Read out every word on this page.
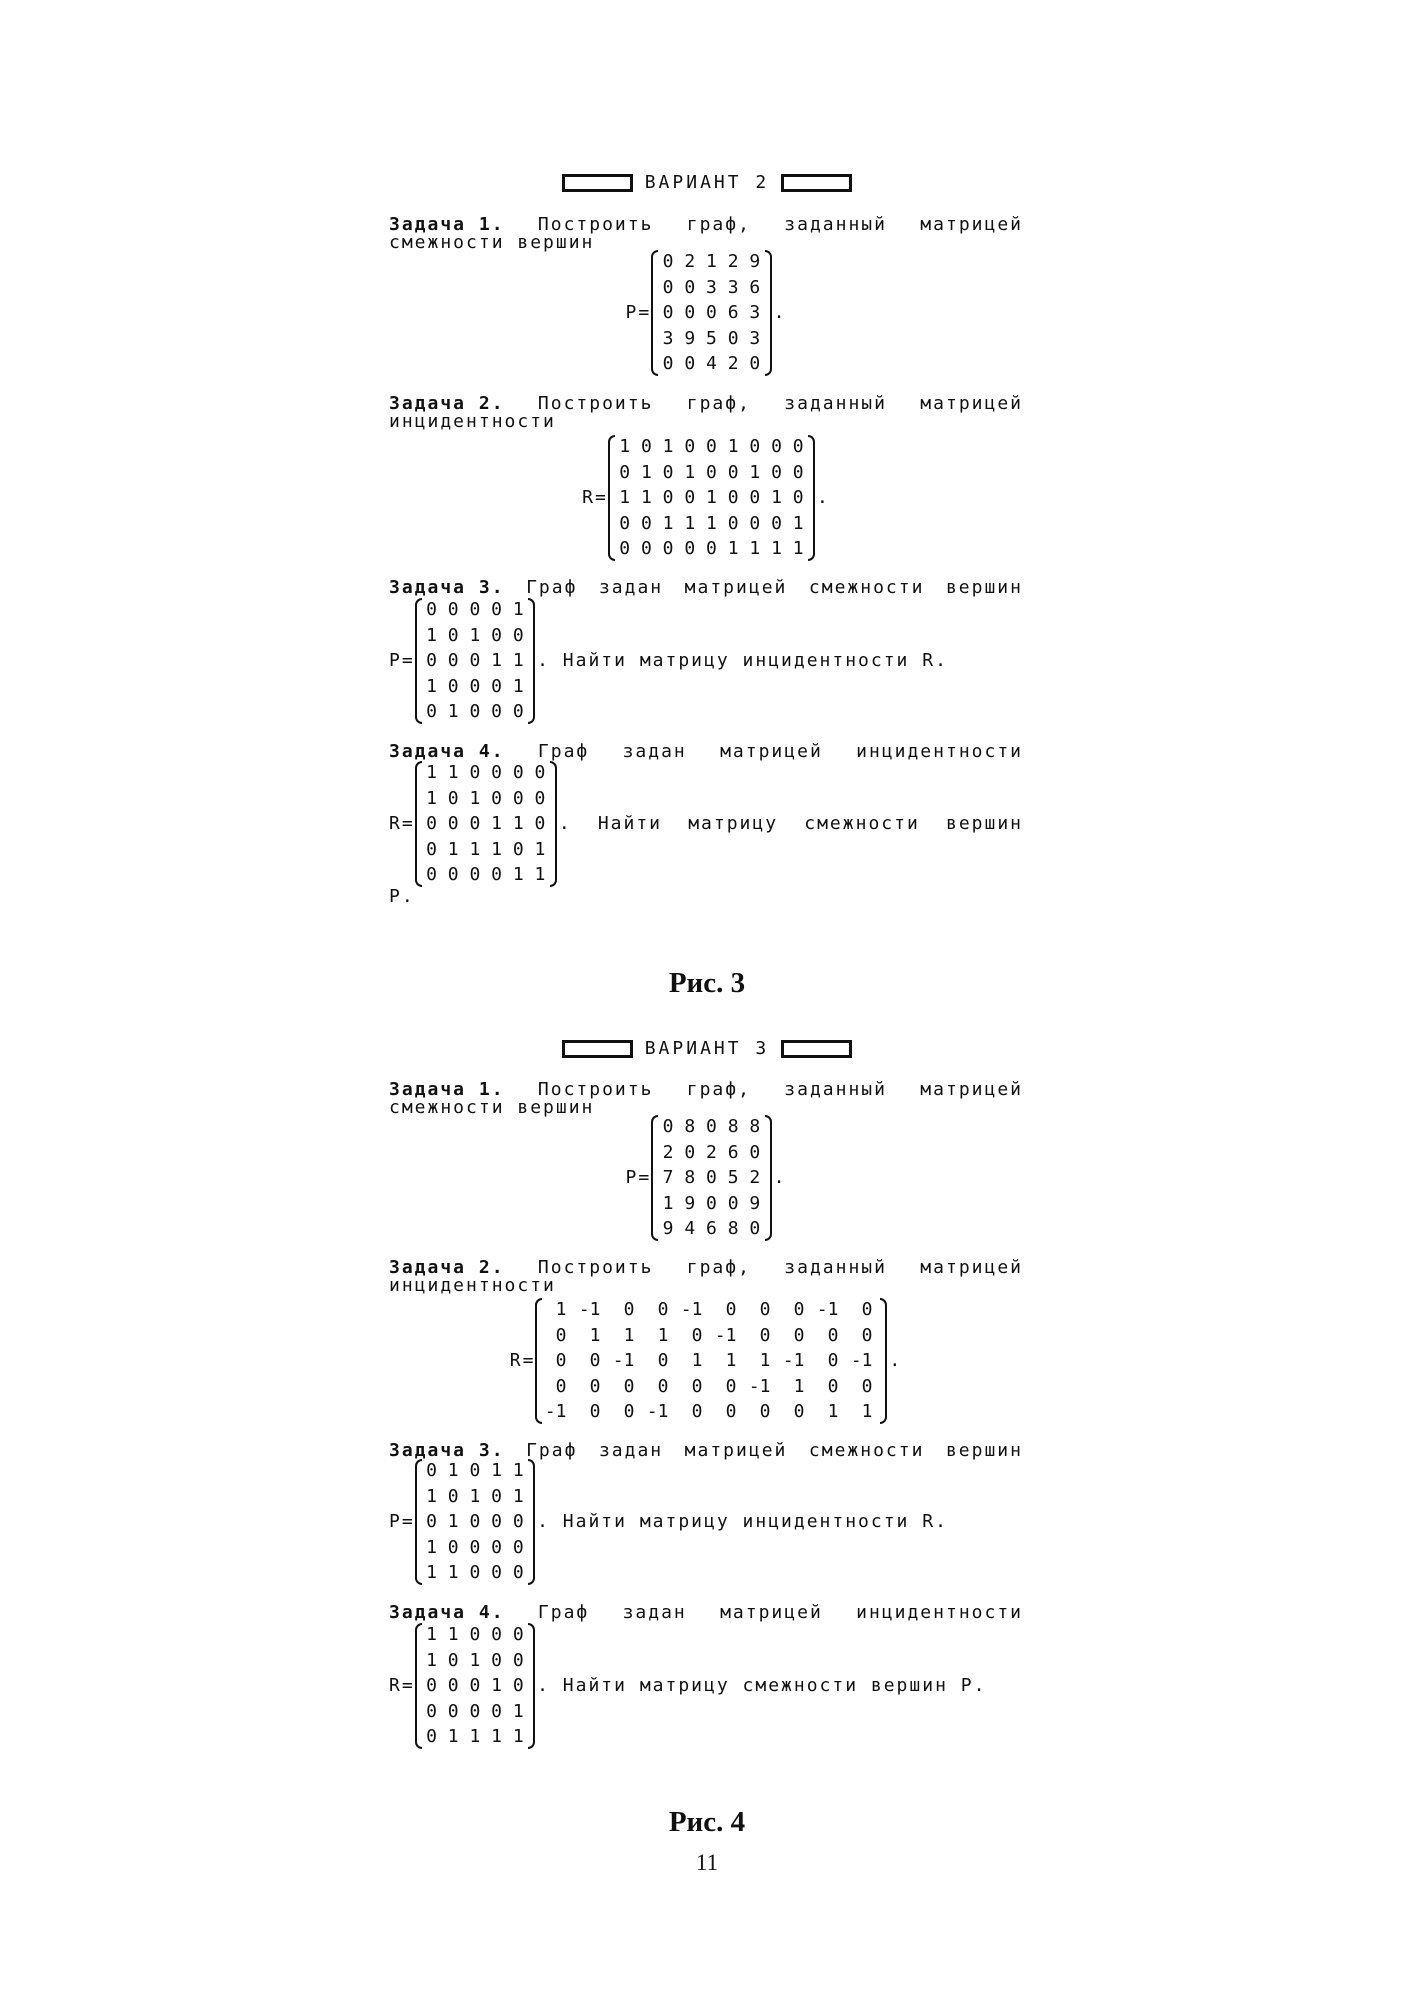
ВАРИАНТ 2
Задача 1. Построить граф, заданный матрицей
смежности вершин
P=
0 2 1 2 9
0 0 3 3 6
0 0 0 6 3
3 9 5 0 3
0 0 4 2 0
.
Задача 2. Построить граф, заданный матрицей
инцидентности
R=
1 0 1 0 0 1 0 0 0
0 1 0 1 0 0 1 0 0
1 1 0 0 1 0 0 1 0
0 0 1 1 1 0 0 0 1
0 0 0 0 0 1 1 1 1
.
Задача 3. Граф задан матрицей смежности вершин
P=
0 0 0 0 1
1 0 1 0 0
0 0 0 1 1
1 0 0 0 1
0 1 0 0 0
. Найти матрицу инцидентности R.
Задача 4. Граф задан матрицей инцидентности
R=
1 1 0 0 0 0
1 0 1 0 0 0
0 0 0 1 1 0
0 1 1 1 0 1
0 0 0 0 1 1
. Найти матрицу смежности вершин
P.
Рис. 3
ВАРИАНТ 3
Задача 1. Построить граф, заданный матрицей
смежности вершин
P=
0 8 0 8 8
2 0 2 6 0
7 8 0 5 2
1 9 0 0 9
9 4 6 8 0
.
Задача 2. Построить граф, заданный матрицей
инцидентности
R=
1 -1	0	0 -1	0	0	0 -1	0
0	1	1	1	0 -1	0	0	0	0
0	0 -1	0	1	1	1 -1	0 -1
0	0	0	0	0	0 -1	1	0	0
-1	0	0 -1	0	0	0	0	1	1
.
Задача 3. Граф задан матрицей смежности вершин
P=
0 1 0 1 1
1 0 1 0 1
0 1 0 0 0
1 0 0 0 0
1 1 0 0 0
. Найти матрицу инцидентности R.
Задача 4. Граф задан матрицей инцидентности
R=
1 1 0 0 0
1 0 1 0 0
0 0 0 1 0
0 0 0 0 1
0 1 1 1 1
. Найти матрицу смежности вершин P.
Рис. 4
11
